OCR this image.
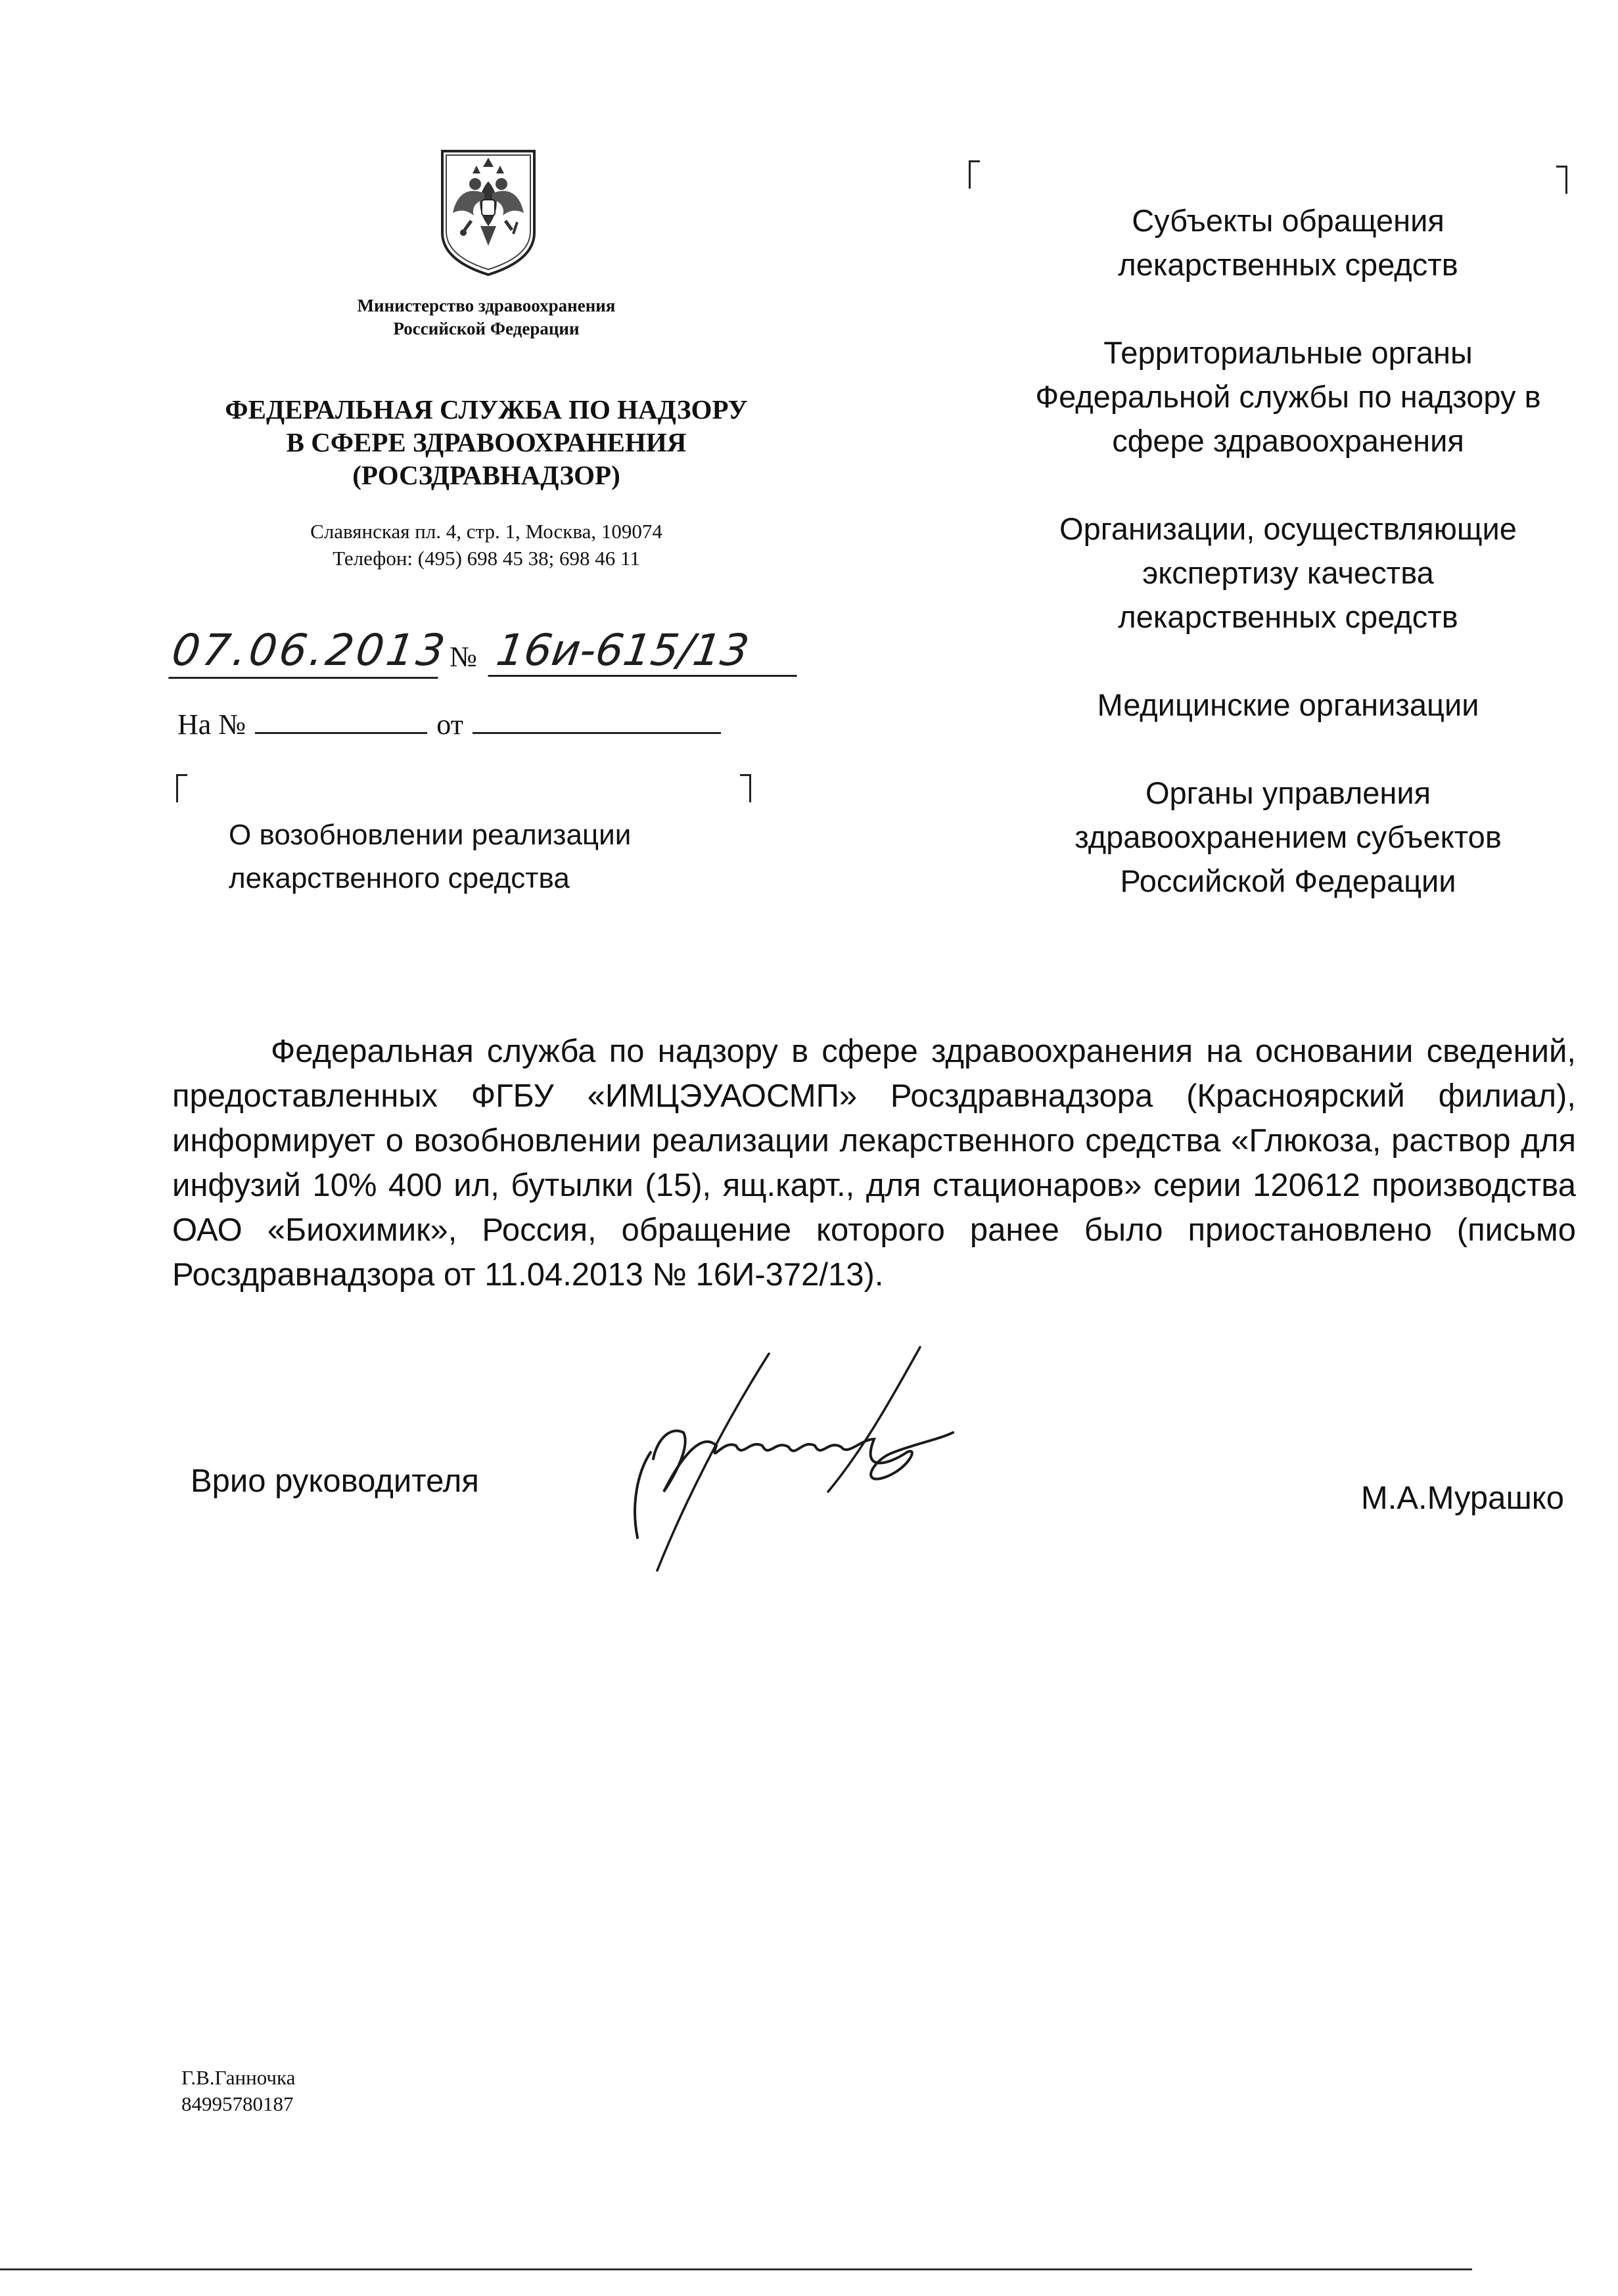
Министерство здравоохранения
Российской Федерации
ФЕДЕРАЛЬНАЯ СЛУЖБА ПО НАДЗОРУ
В СФЕРЕ ЗДРАВООХРАНЕНИЯ
(РОСЗДРАВНАДЗОР)
Славянская пл. 4, стр. 1, Москва, 109074
Телефон: (495) 698 45 38; 698 46 11
07.06.2013
№ 16и-615/13
На №	от
О возобновлении реализации
лекарственного средства
Субъекты обращения
лекарственных средств
Территориальные органы
Федеральной службы по надзору в
сфере здравоохранения
Организации, осуществляющие
экспертизу качества
лекарственных средств
Медицинские организации
Органы управления
здравоохранением субъектов
Российской Федерации
Федеральная служба по надзору в сфере здравоохранения на основании сведений, предоставленных ФГБУ «ИМЦЭУАОСМП» Росздравнадзора (Красноярский филиал), информирует о возобновлении реализации лекарственного средства «Глюкоза, раствор для инфузий 10% 400 ил, бутылки (15), ящ.карт., для стационаров» серии 120612 производства ОАО «Биохимик», Россия, обращение которого ранее было приостановлено (письмо Росздравнадзора от 11.04.2013 № 16И-372/13).
Врио руководителя	М.А.Мурашко
Г.В.Ганночка
84995780187
